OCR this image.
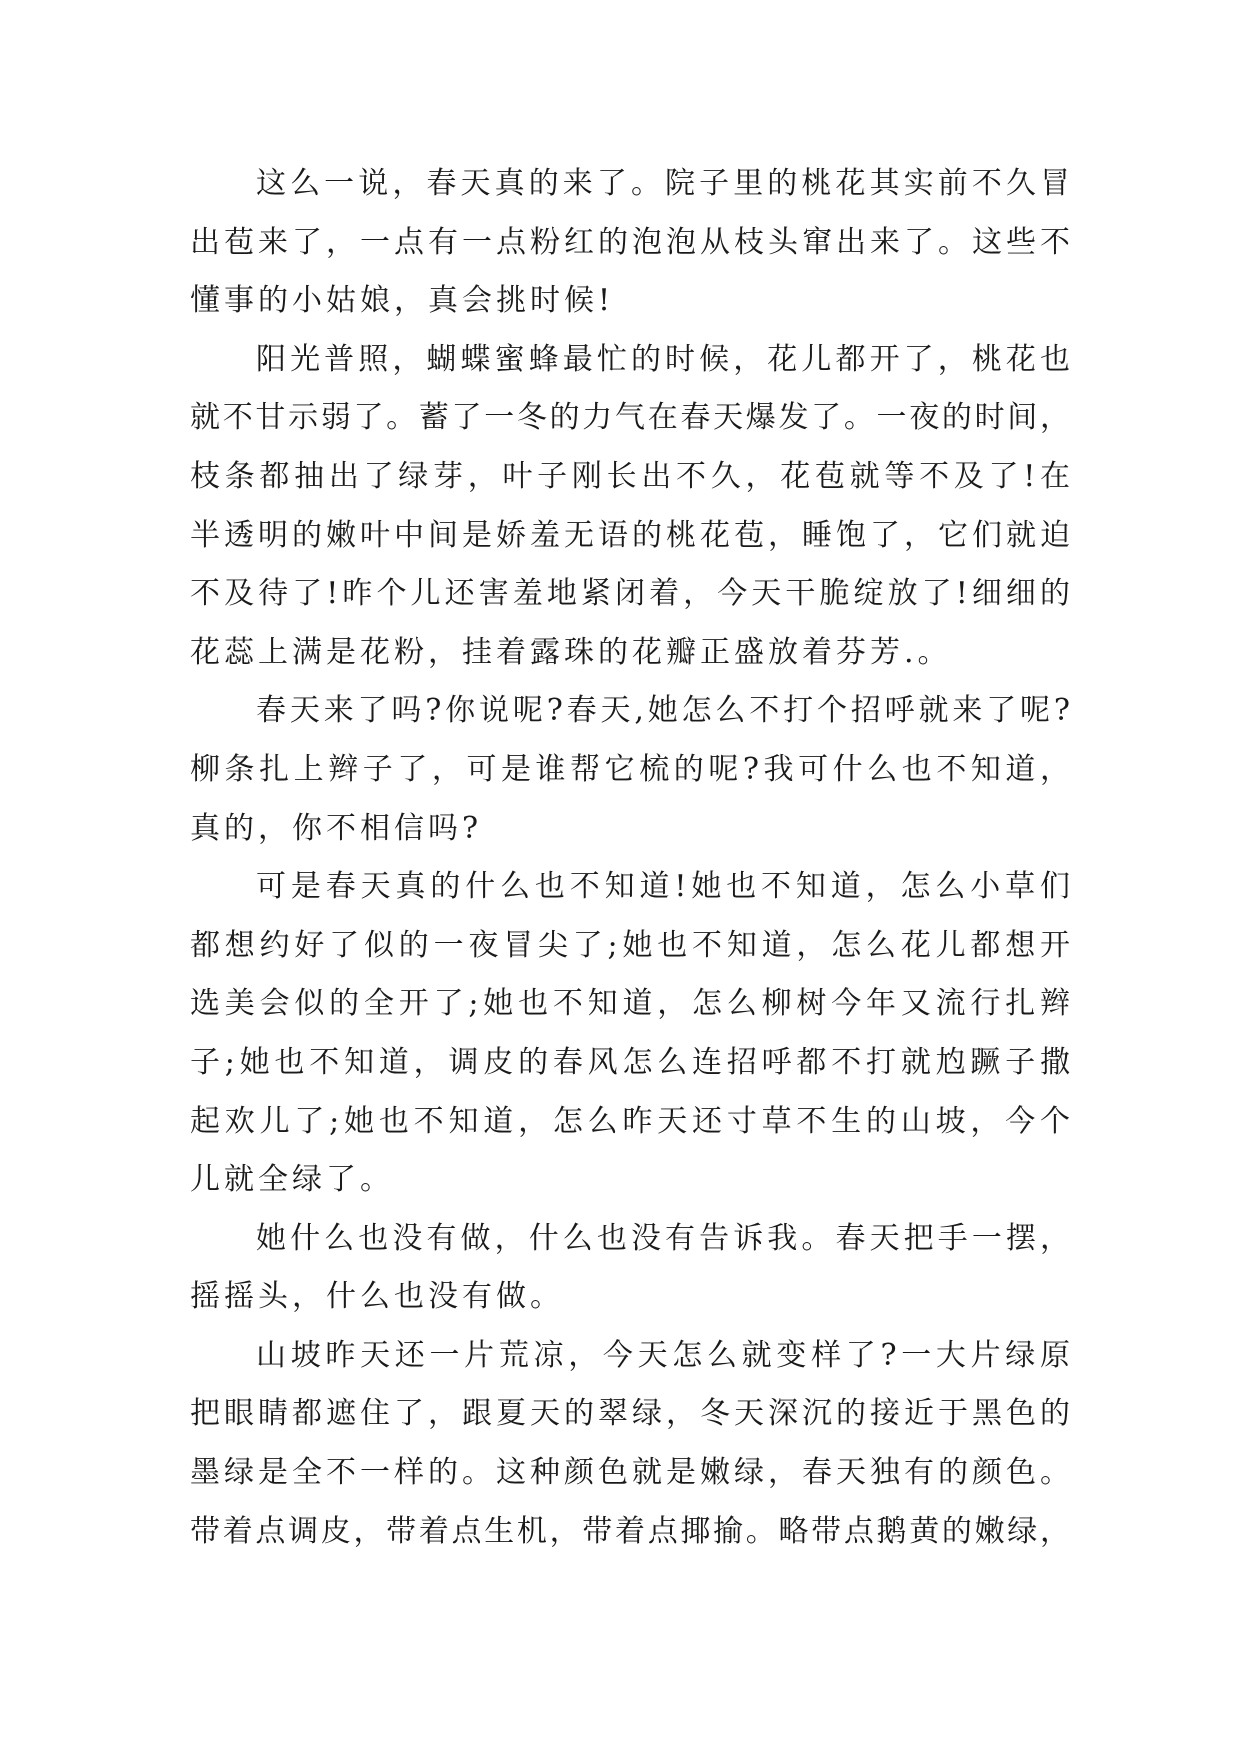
这么一说，春天真的来了。院子里的桃花其实前不久冒
出苞来了，一点有一点粉红的泡泡从枝头窜出来了。这些不
懂事的小姑娘，真会挑时候!
阳光普照，蝴蝶蜜蜂最忙的时候，花儿都开了，桃花也
就不甘示弱了。蓄了一冬的力气在春天爆发了。一夜的时间，
枝条都抽出了绿芽，叶子刚长出不久，花苞就等不及了!在
半透明的嫩叶中间是娇羞无语的桃花苞，睡饱了，它们就迫
不及待了!昨个儿还害羞地紧闭着，今天干脆绽放了!细细的
花蕊上满是花粉，挂着露珠的花瓣正盛放着芬芳.。
春天来了吗?你说呢?春天,她怎么不打个招呼就来了呢?
柳条扎上辫子了，可是谁帮它梳的呢?我可什么也不知道，
真的，你不相信吗?
可是春天真的什么也不知道!她也不知道，怎么小草们
都想约好了似的一夜冒尖了;她也不知道，怎么花儿都想开
选美会似的全开了;她也不知道，怎么柳树今年又流行扎辫
子;她也不知道，调皮的春风怎么连招呼都不打就尥蹶子撒
起欢儿了;她也不知道，怎么昨天还寸草不生的山坡，今个
儿就全绿了。
她什么也没有做，什么也没有告诉我。春天把手一摆，
摇摇头，什么也没有做。
山坡昨天还一片荒凉，今天怎么就变样了?一大片绿原
把眼睛都遮住了，跟夏天的翠绿，冬天深沉的接近于黑色的
墨绿是全不一样的。这种颜色就是嫩绿，春天独有的颜色。
带着点调皮，带着点生机，带着点揶揄。略带点鹅黄的嫩绿，
